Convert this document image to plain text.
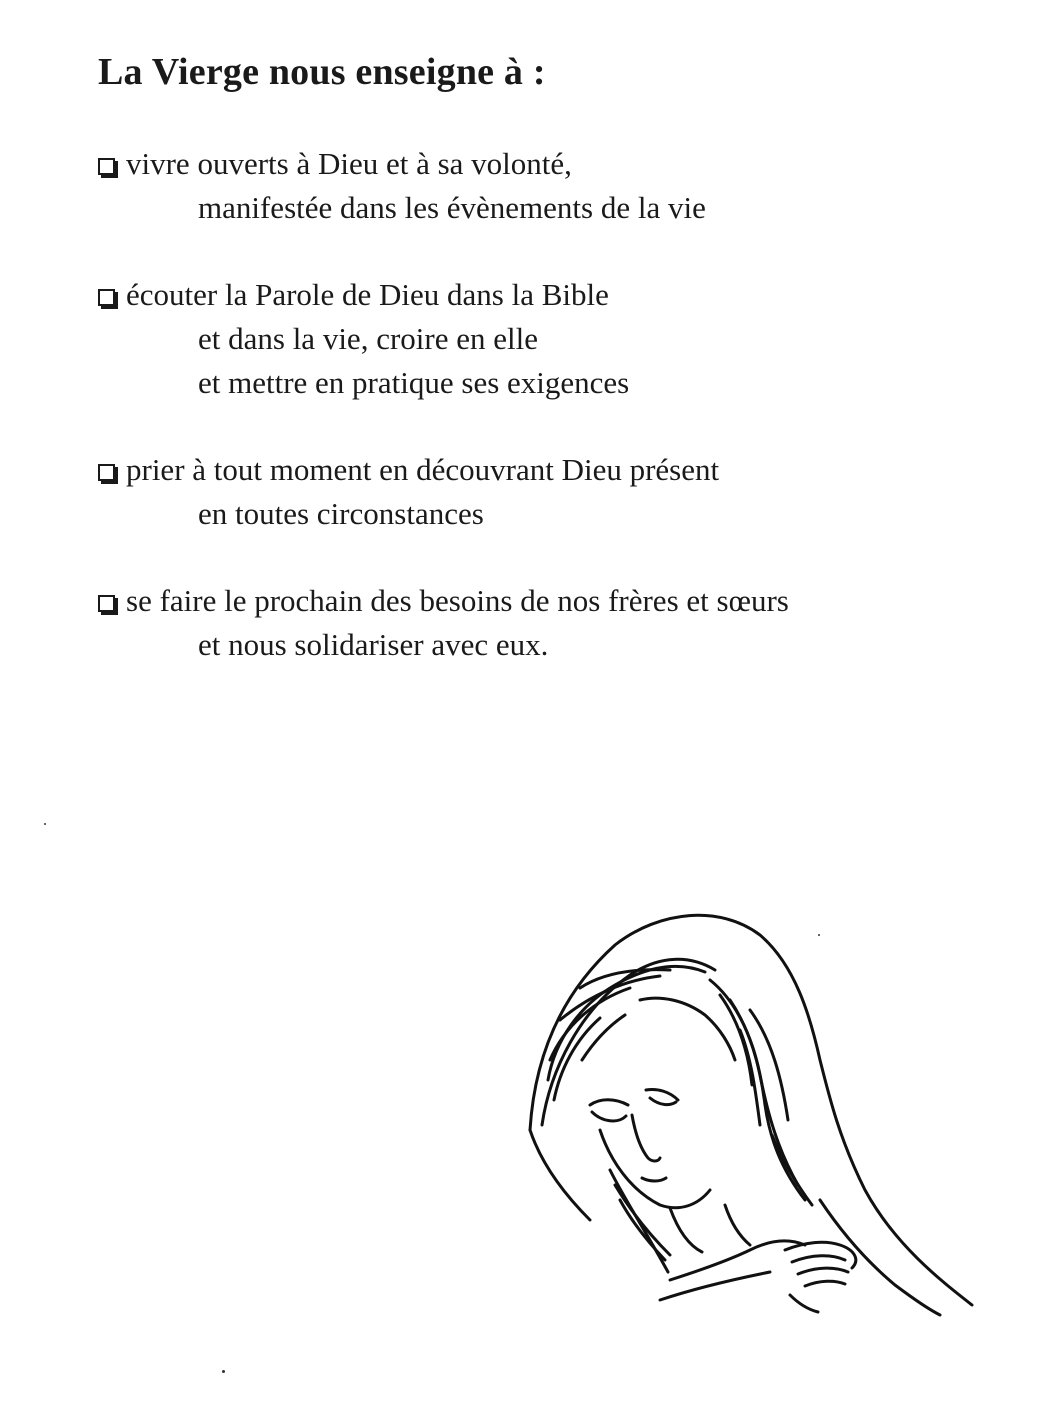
La Vierge nous enseigne à :
vivre ouverts à Dieu et à sa volonté,
manifestée dans les évènements de la vie
écouter la Parole de Dieu dans la Bible
et dans la vie, croire en elle
et mettre en pratique ses exigences
prier à tout moment en découvrant Dieu présent
en toutes circonstances
se faire le prochain des besoins de nos frères et sœurs
et nous solidariser avec eux.
